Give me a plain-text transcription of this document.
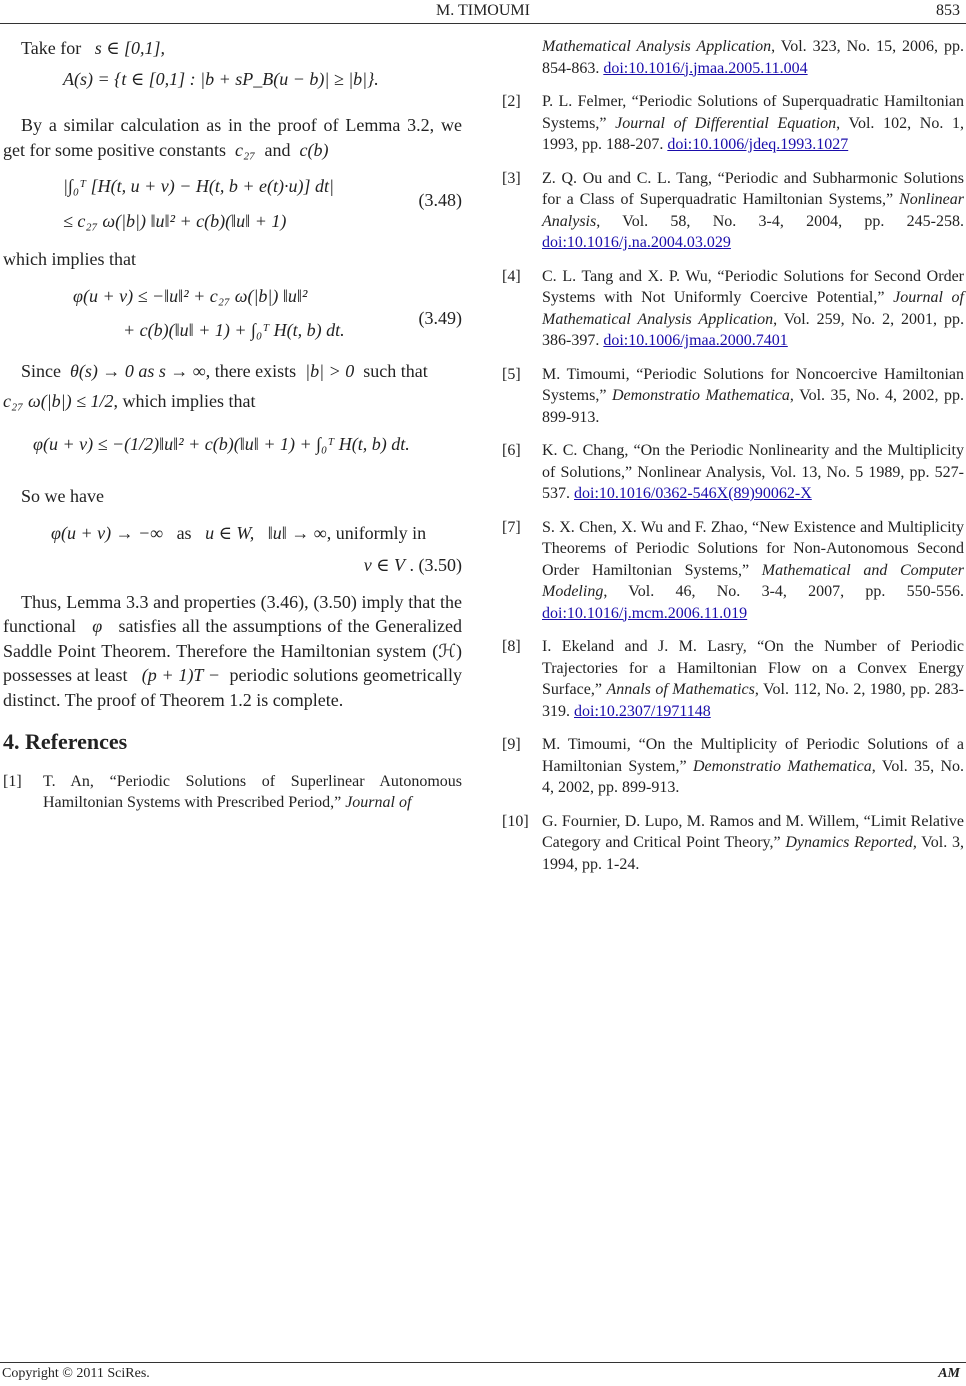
M. TIMOUMI	853

Take for s ∈ [0,1],

A(s) = {t ∈ [0,1] : |b + sP_B(u − b)| ≥ |b|}.

By a similar calculation as in the proof of Lemma 3.2, we get for some positive constants c₂₇ and c(b)

|∫₀ᵀ [H(t, u + v) − H(t, b + e(t)·u)] dt|
≤ c₂₇ ω(|b|) ‖u‖² + c(b)(‖u‖ + 1)
(3.48)

which implies that

φ(u + v) ≤ −‖u‖² + c₂₇ ω(|b|) ‖u‖²
+ c(b)(‖u‖ + 1) + ∫₀ᵀ H(t, b) dt.
(3.49)

Since θ(s) → 0 as s → ∞, there exists |b| > 0 such that

c₂₇ ω(|b|) ≤ 1/2, which implies that

φ(u + v) ≤ −(1/2)‖u‖² + c(b)(‖u‖ + 1) + ∫₀ᵀ H(t, b) dt.

So we have

φ(u + v) → −∞ as u ∈ W, ‖u‖ → ∞, uniformly in

v ∈ V . (3.50)

Thus, Lemma 3.3 and properties (3.46), (3.50) imply that the functional φ satisfies all the assumptions of the Generalized Saddle Point Theorem. Therefore the Hamiltonian system (ℋ) possesses at least (p + 1)T − periodic solutions geometrically distinct. The proof of Theorem 1.2 is complete.

4. References
[1] T. An, “Periodic Solutions of Superlinear Autonomous Hamiltonian Systems with Prescribed Period,” Journal of
Mathematical Analysis Application, Vol. 323, No. 15, 2006, pp. 854-863. doi:10.1016/j.jmaa.2005.11.004
[2] P. L. Felmer, “Periodic Solutions of Superquadratic Hamiltonian Systems,” Journal of Differential Equation, Vol. 102, No. 1, 1993, pp. 188-207. doi:10.1006/jdeq.1993.1027
[3] Z. Q. Ou and C. L. Tang, “Periodic and Subharmonic Solutions for a Class of Superquadratic Hamiltonian Systems,” Nonlinear Analysis, Vol. 58, No. 3-4, 2004, pp. 245-258. doi:10.1016/j.na.2004.03.029
[4] C. L. Tang and X. P. Wu, “Periodic Solutions for Second Order Systems with Not Uniformly Coercive Potential,” Journal of Mathematical Analysis Application, Vol. 259, No. 2, 2001, pp. 386-397. doi:10.1006/jmaa.2000.7401
[5] M. Timoumi, “Periodic Solutions for Noncoercive Hamiltonian Systems,” Demonstratio Mathematica, Vol. 35, No. 4, 2002, pp. 899-913.
[6] K. C. Chang, “On the Periodic Nonlinearity and the Multiplicity of Solutions,” Nonlinear Analysis, Vol. 13, No. 5 1989, pp. 527-537. doi:10.1016/0362-546X(89)90062-X
[7] S. X. Chen, X. Wu and F. Zhao, “New Existence and Multiplicity Theorems of Periodic Solutions for Non-Autonomous Second Order Hamiltonian Systems,” Mathematical and Computer Modeling, Vol. 46, No. 3-4, 2007, pp. 550-556. doi:10.1016/j.mcm.2006.11.019
[8] I. Ekeland and J. M. Lasry, “On the Number of Periodic Trajectories for a Hamiltonian Flow on a Convex Energy Surface,” Annals of Mathematics, Vol. 112, No. 2, 1980, pp. 283-319. doi:10.2307/1971148
[9] M. Timoumi, “On the Multiplicity of Periodic Solutions of a Hamiltonian System,” Demonstratio Mathematica, Vol. 35, No. 4, 2002, pp. 899-913.
[10] G. Fournier, D. Lupo, M. Ramos and M. Willem, “Limit Relative Category and Critical Point Theory,” Dynamics Reported, Vol. 3, 1994, pp. 1-24.
Copyright © 2011 SciRes.	AM
